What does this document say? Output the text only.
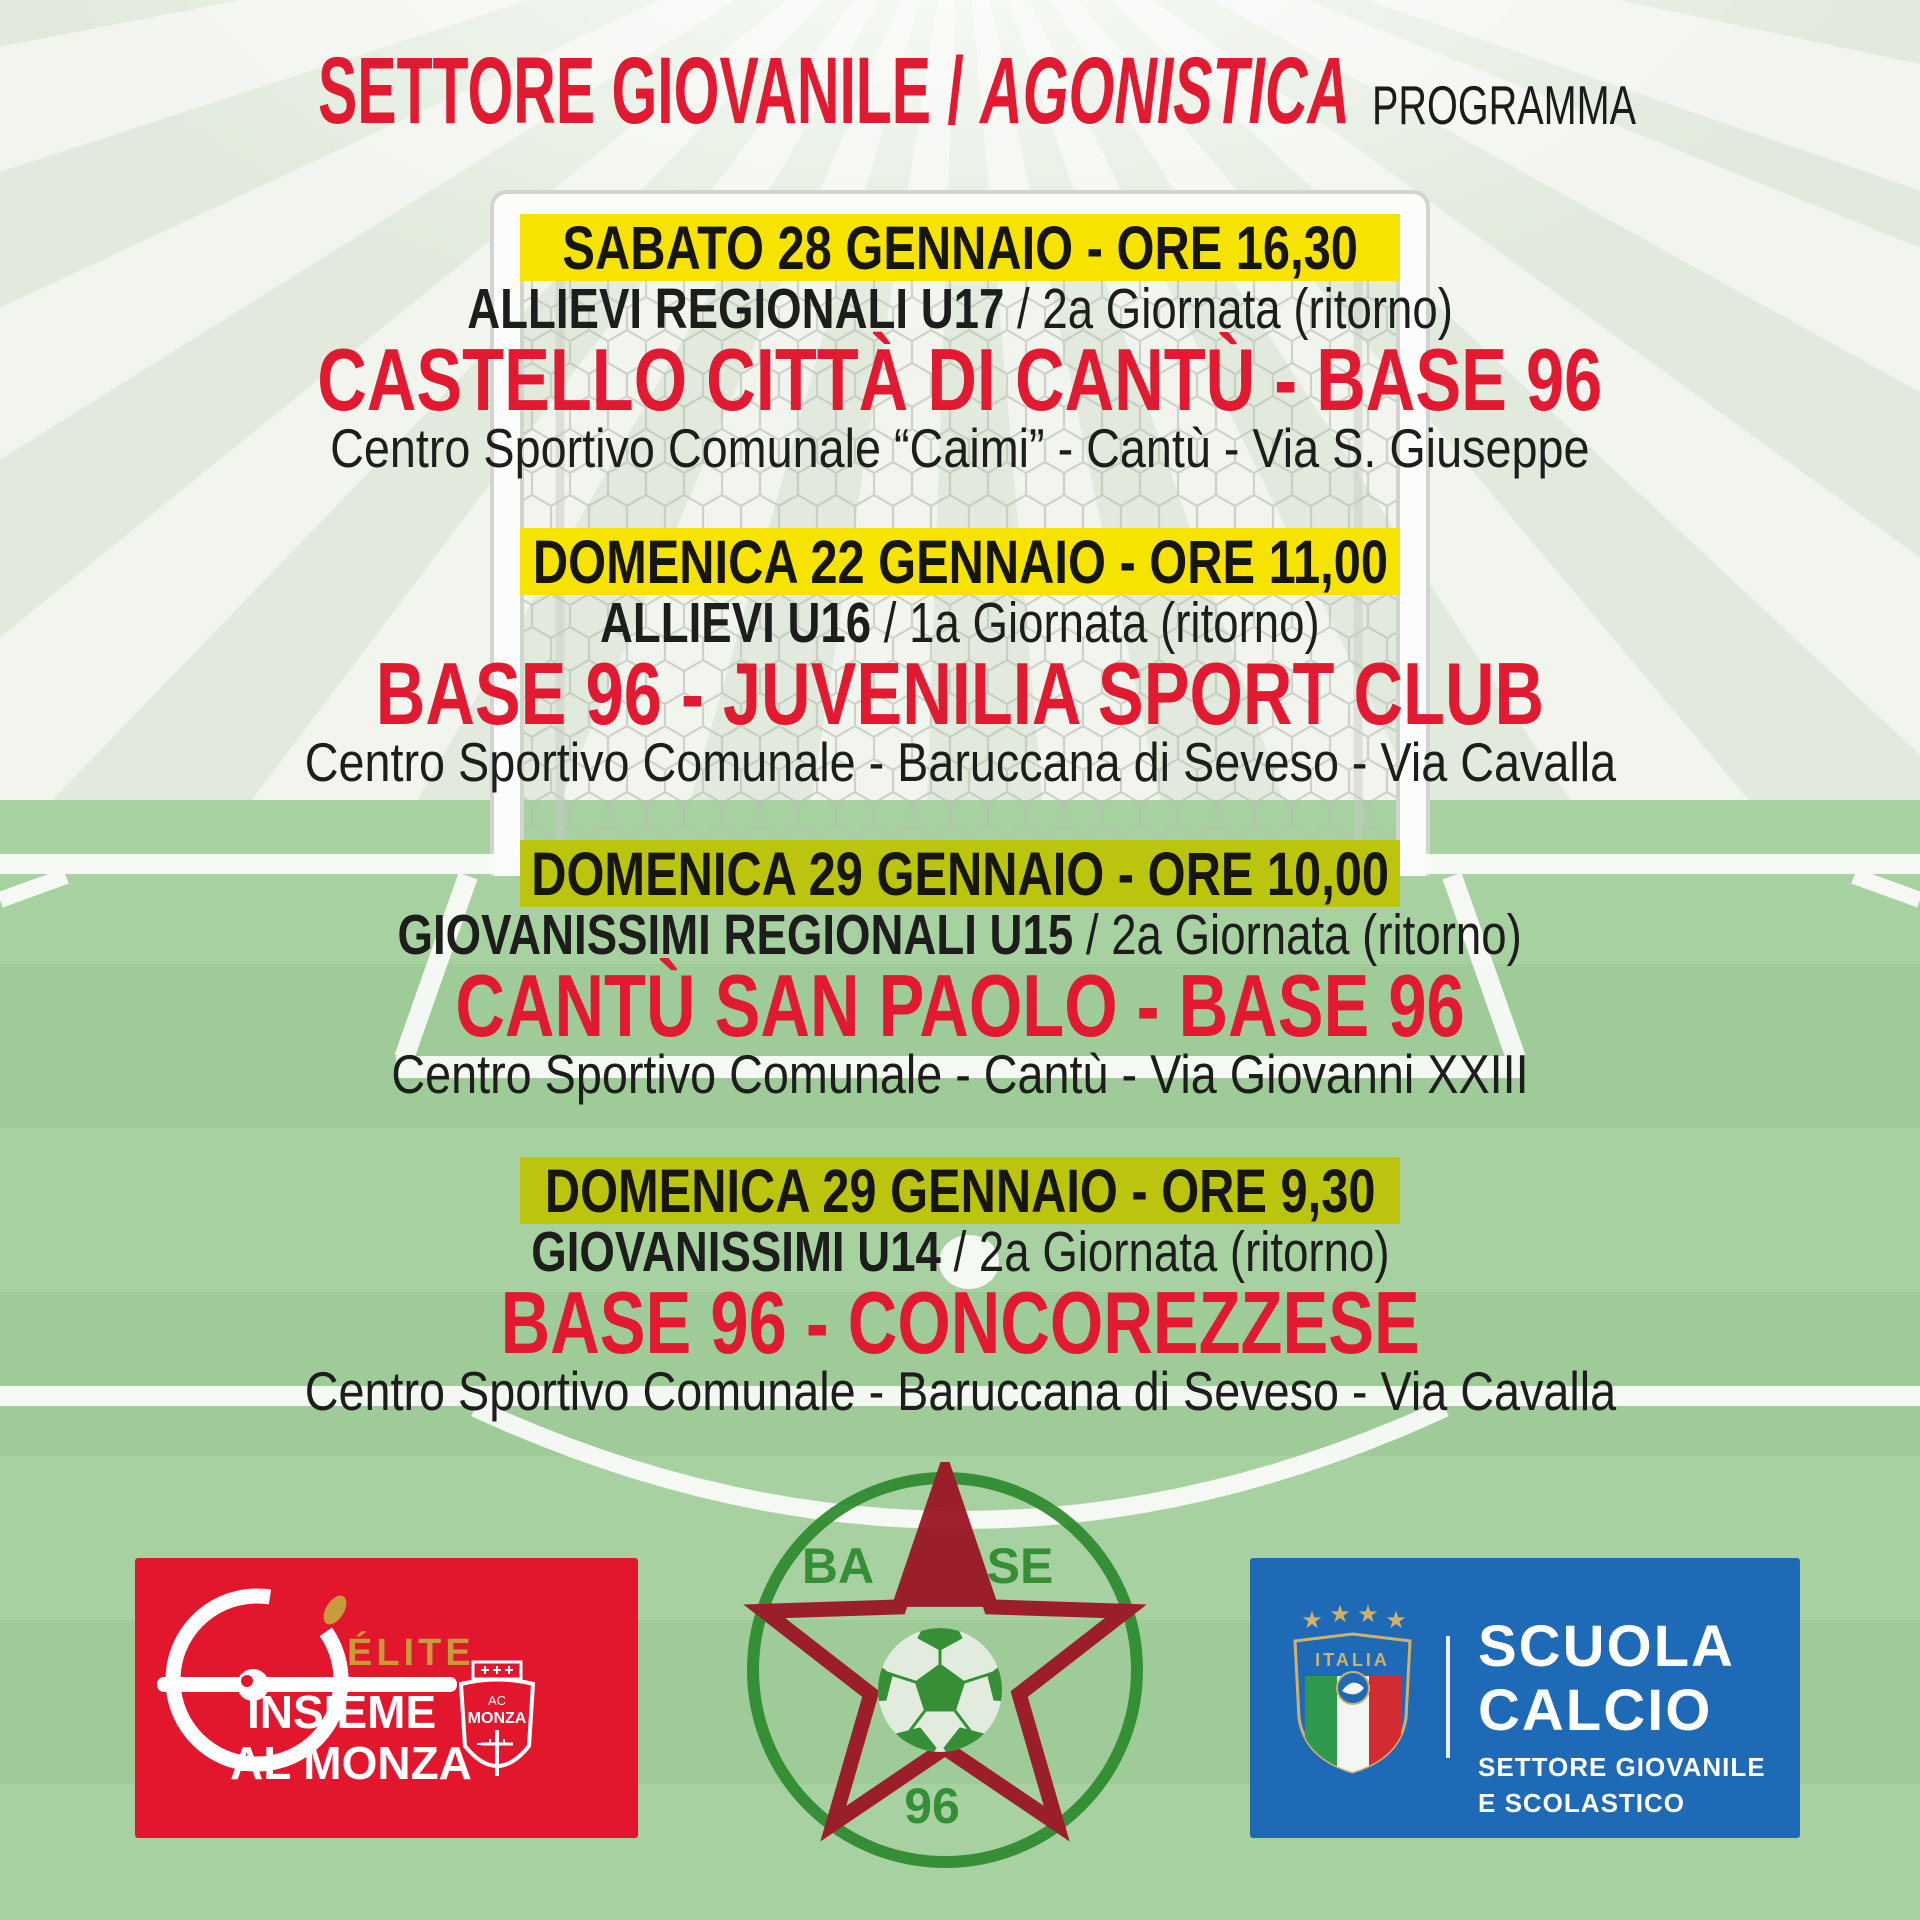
SETTORE GIOVANILE / AGONISTICA PROGRAMMA
SABATO 28 GENNAIO - ORE 16,30
ALLIEVI REGIONALI U17 / 2a Giornata (ritorno)
CASTELLO CITTÀ DI CANTÙ - BASE 96
Centro Sportivo Comunale “Caimi” - Cantù - Via S. Giuseppe
DOMENICA 22 GENNAIO - ORE 11,00
ALLIEVI U16 / 1a Giornata (ritorno)
BASE 96 - JUVENILIA SPORT CLUB
Centro Sportivo Comunale - Baruccana di Seveso - Via Cavalla
DOMENICA 29 GENNAIO - ORE 10,00
GIOVANISSIMI REGIONALI U15 / 2a Giornata (ritorno)
CANTÙ SAN PAOLO - BASE 96
Centro Sportivo Comunale - Cantù - Via Giovanni XXIII
DOMENICA 29 GENNAIO - ORE 9,30
GIOVANISSIMI U14 / 2a Giornata (ritorno)
BASE 96 - CONCOREZZESE
Centro Sportivo Comunale - Baruccana di Seveso - Via Cavalla
ÉLITE
INSIEME
AL MONZA
AC
MONZA
BA SE
96
★ ★ ★ ★
ITALIA SCUOLA
CALCIO
SETTORE GIOVANILE
E SCOLASTICO
